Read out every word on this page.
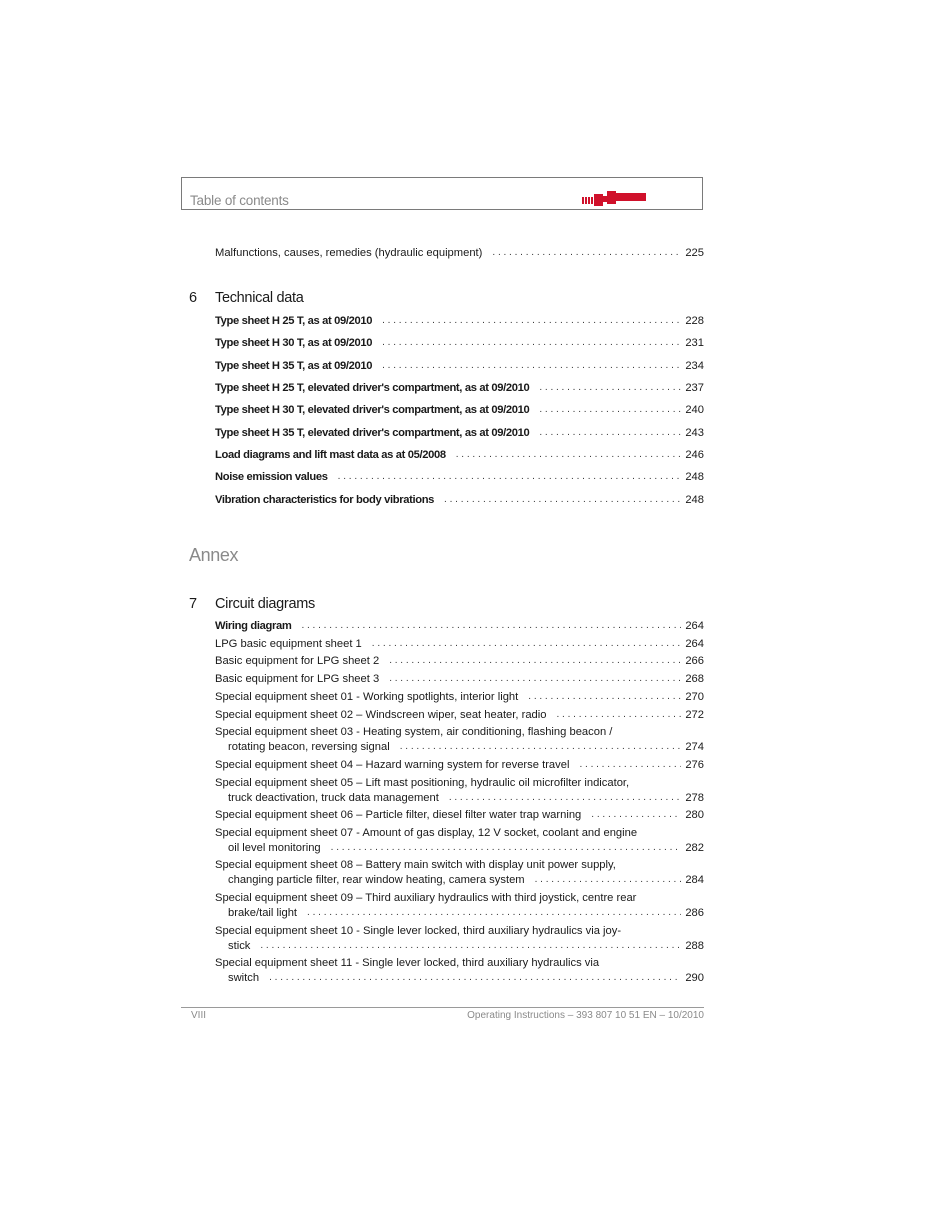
Table of contents
Malfunctions, causes, remedies (hydraulic equipment) . . .	225
6 Technical data
Type sheet H 25 T, as at 09/2010 . . .	228
Type sheet H 30 T, as at 09/2010 . . .	231
Type sheet H 35 T, as at 09/2010 . . .	234
Type sheet H 25 T, elevated driver's compartment, as at 09/2010 . . .	237
Type sheet H 30 T, elevated driver's compartment, as at 09/2010 . . .	240
Type sheet H 35 T, elevated driver's compartment, as at 09/2010 . . .	243
Load diagrams and lift mast data as at 05/2008 . . .	246
Noise emission values . . .	248
Vibration characteristics for body vibrations . . .	248
Annex
7 Circuit diagrams
Wiring diagram . . .	264
LPG basic equipment sheet 1 . . .	264
Basic equipment for LPG sheet 2 . . .	266
Basic equipment for LPG sheet 3 . . .	268
Special equipment sheet 01 - Working spotlights, interior light . . .	270
Special equipment sheet 02 – Windscreen wiper, seat heater, radio . . .	272
Special equipment sheet 03 - Heating system, air conditioning, flashing beacon /
rotating beacon, reversing signal . . .	274
Special equipment sheet 04 – Hazard warning system for reverse travel . . .	276
Special equipment sheet 05 – Lift mast positioning, hydraulic oil microfilter indicator,
truck deactivation, truck data management . . .	278
Special equipment sheet 06 – Particle filter, diesel filter water trap warning . . .	280
Special equipment sheet 07 - Amount of gas display, 12 V socket, coolant and engine
oil level monitoring . . .	282
Special equipment sheet 08 – Battery main switch with display unit power supply,
changing particle filter, rear window heating, camera system . . .	284
Special equipment sheet 09 – Third auxiliary hydraulics with third joystick, centre rear
brake/tail light . . .	286
Special equipment sheet 10 - Single lever locked, third auxiliary hydraulics via joy-
stick . . .	288
Special equipment sheet 11 - Single lever locked, third auxiliary hydraulics via
switch . . .	290
VIII	Operating Instructions – 393 807 10 51 EN – 10/2010
